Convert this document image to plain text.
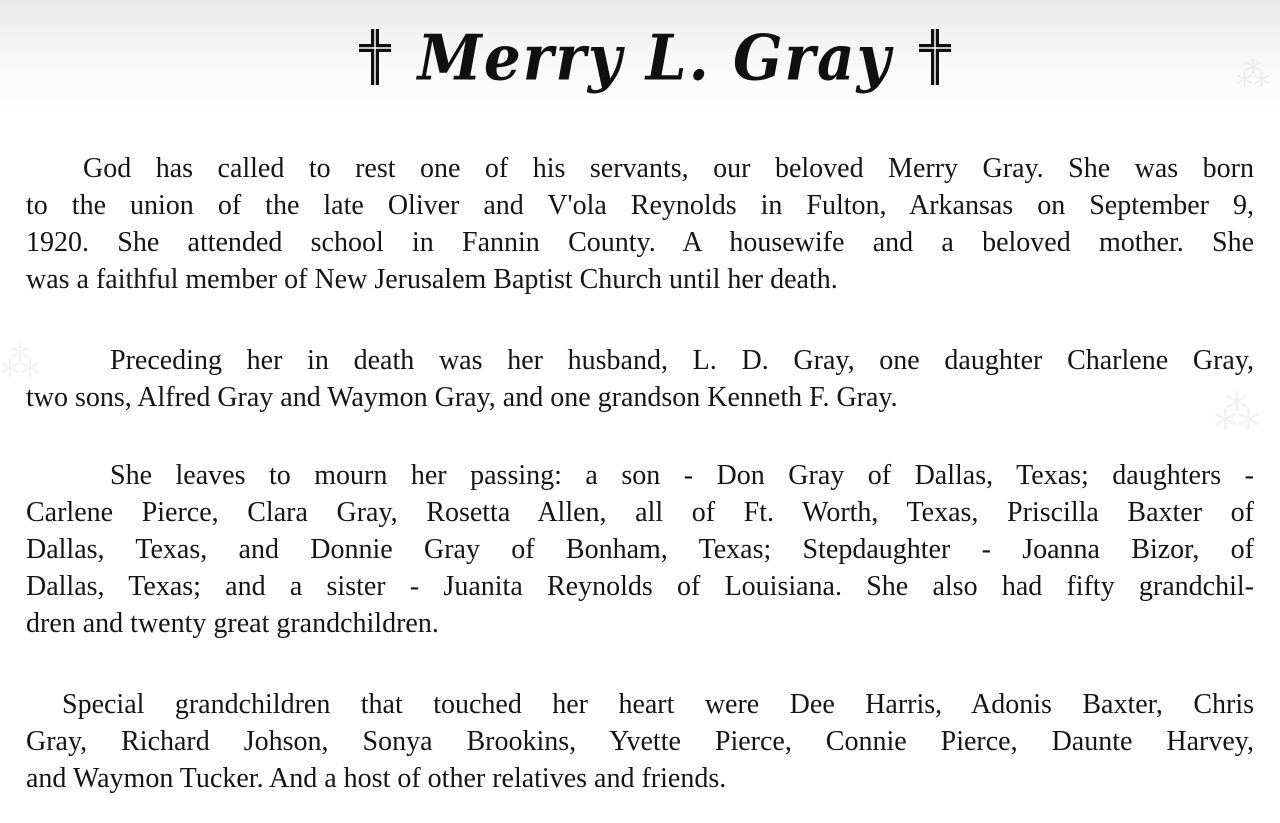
⁂
⁂
⁂
Merry L. Gray
God has called to rest one of his servants, our beloved Merry Gray. She was born
to the union of the late Oliver and V'ola Reynolds in Fulton, Arkansas on September 9,
1920. She attended school in Fannin County. A housewife and a beloved mother. She
was a faithful member of New Jerusalem Baptist Church until her death.
Preceding her in death was her husband, L. D. Gray, one daughter Charlene Gray,
two sons, Alfred Gray and Waymon Gray, and one grandson Kenneth F. Gray.
She leaves to mourn her passing: a son - Don Gray of Dallas, Texas; daughters -
Carlene Pierce, Clara Gray, Rosetta Allen, all of Ft. Worth, Texas, Priscilla Baxter of
Dallas, Texas, and Donnie Gray of Bonham, Texas; Stepdaughter - Joanna Bizor, of
Dallas, Texas; and a sister - Juanita Reynolds of Louisiana. She also had fifty grandchil-
dren and twenty great grandchildren.
Special grandchildren that touched her heart were Dee Harris, Adonis Baxter, Chris
Gray, Richard Johson, Sonya Brookins, Yvette Pierce, Connie Pierce, Daunte Harvey,
and Waymon Tucker. And a host of other relatives and friends.
